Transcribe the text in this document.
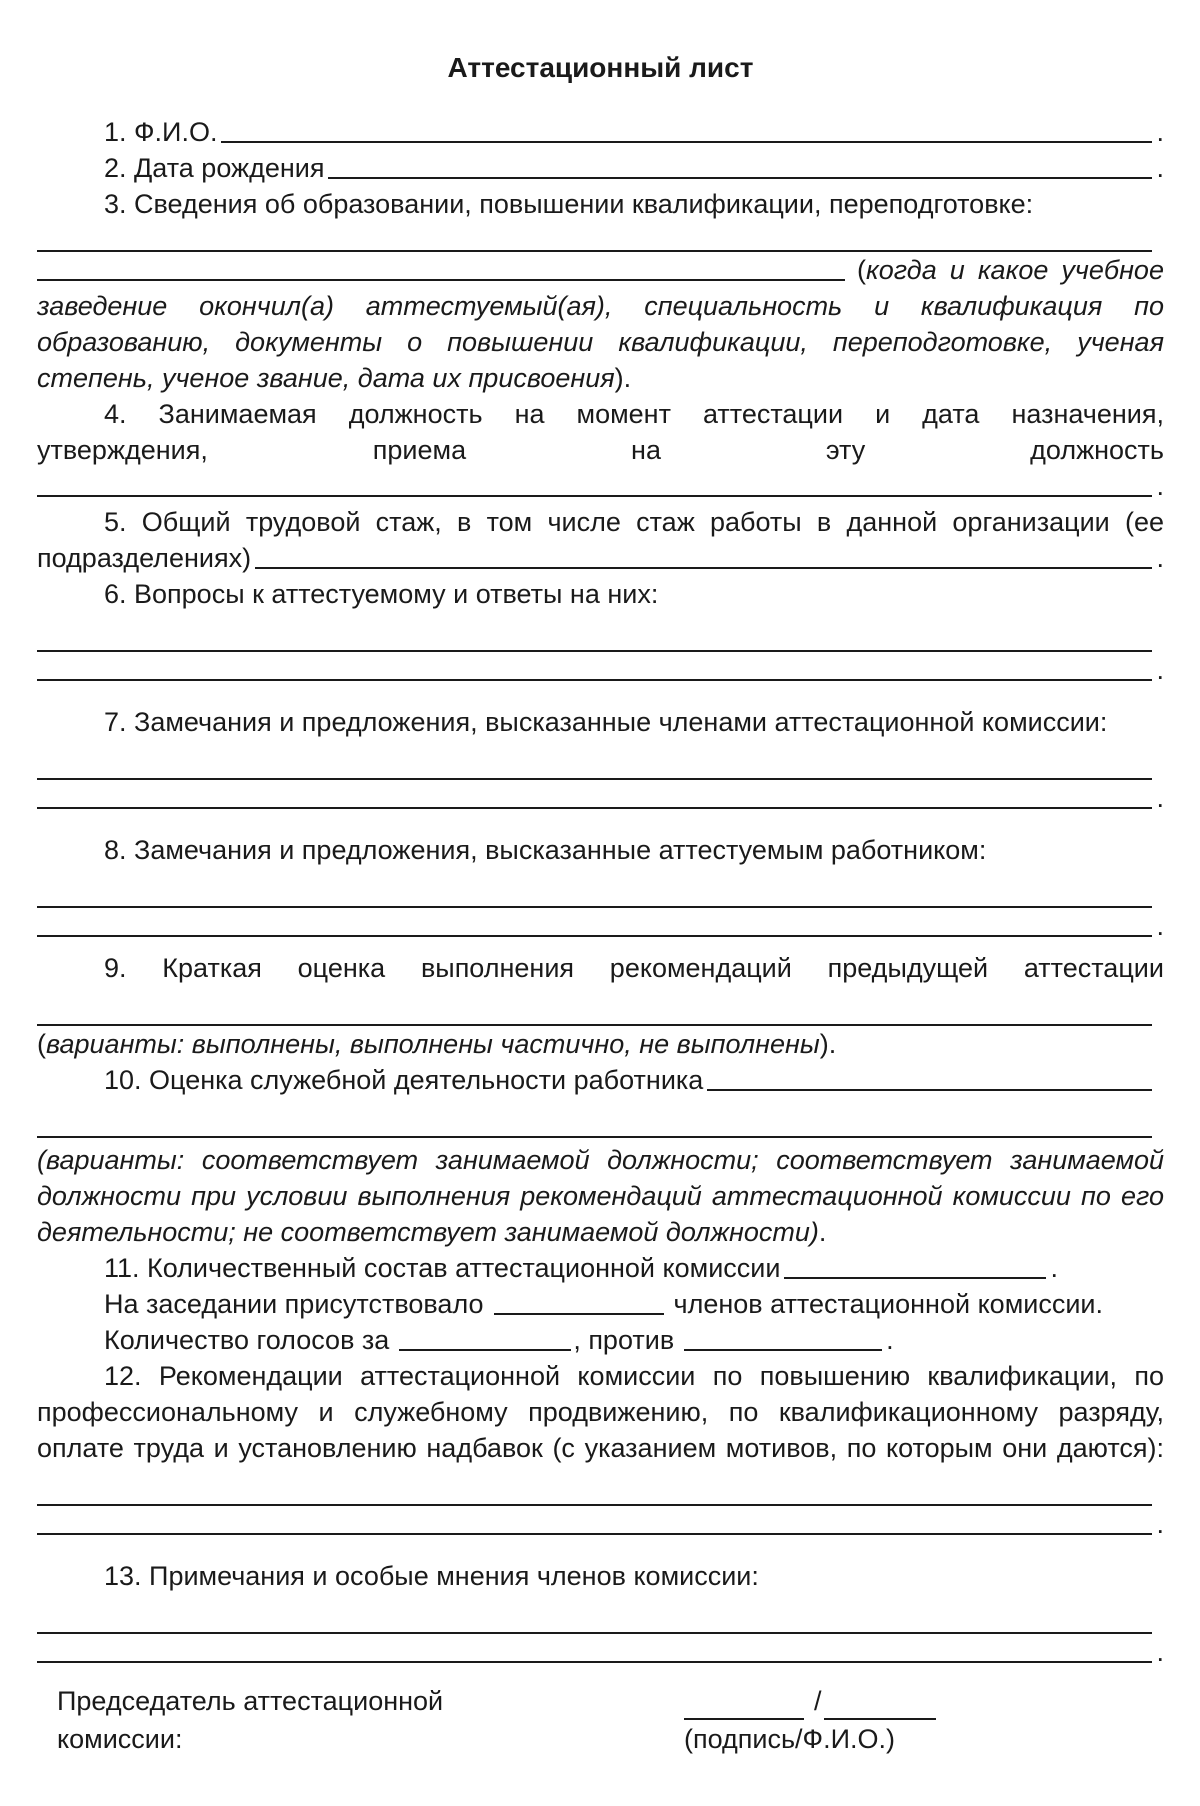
Аттестационный лист
1. Ф.И.О.	.
2. Дата рождения	.
3. Сведения об образовании, повышении квалификации, переподготовке:
( когда и какое учебное
заведение окончил(а) аттестуемый(ая), специальность и квалификация по образованию, документы о повышении квалификации, переподготовке, ученая степень, ученое звание, дата их присвоения).
4. Занимаемая должность на момент аттестации и дата назначения,
утверждения,	приема	на	эту	должность
.
5. Общий трудовой стаж, в том числе стаж работы в данной организации (ее
подразделениях)	.
6. Вопросы к аттестуемому и ответы на них:
.
7. Замечания и предложения, высказанные членами аттестационной комиссии:
.
8. Замечания и предложения, высказанные аттестуемым работником:
.
9. Краткая оценка выполнения рекомендаций предыдущей аттестации
( варианты: выполнены, выполнены частично, не выполнены ).
10. Оценка служебной деятельности работника
(варианты: соответствует занимаемой должности; соответствует занимаемой должности при условии выполнения рекомендаций аттестационной комиссии по его деятельности; не соответствует занимаемой должности).
11. Количественный состав аттестационной комиссии	.
На заседании присутствовало	членов аттестационной комиссии.
Количество голосов за	, против	.
12. Рекомендации аттестационной комиссии по повышению квалификации, по профессиональному и служебному продвижению, по квалификационному разряду, оплате труда и установлению надбавок (с указанием мотивов, по которым они даются):
.
13. Примечания и особые мнения членов комиссии:
.
Председатель аттестационной
комиссии:
/
(подпись/Ф.И.О.)
